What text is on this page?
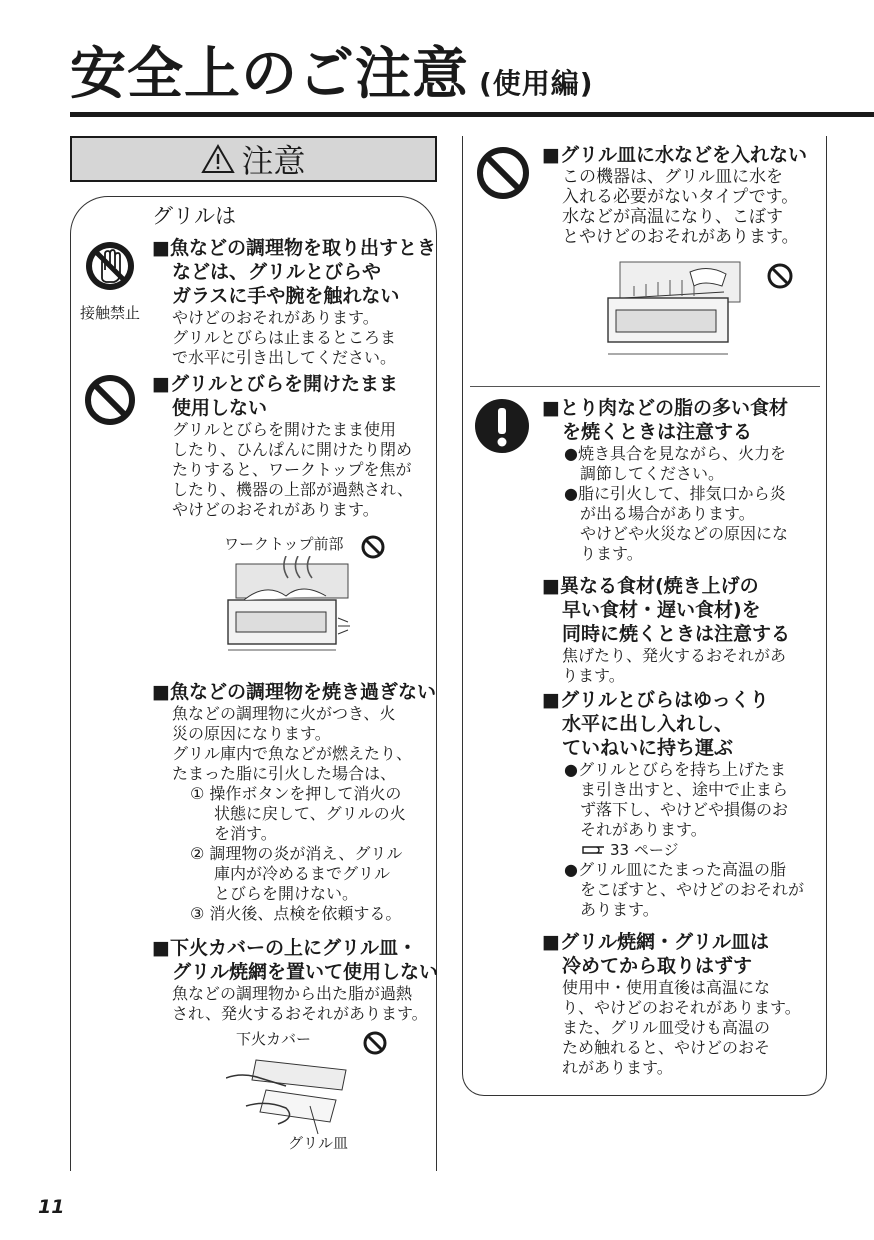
安全上のご注意 (使用編)
注意
グリルは
接触禁止
■魚などの調理物を取り出すとき
などは、グリルとびらや
ガラスに手や腕を触れない
やけどのおそれがあります。
グリルとびらは止まるところま
で水平に引き出してください。
■グリルとびらを開けたまま
使用しない
グリルとびらを開けたまま使用
したり、ひんぱんに開けたり閉め
たりすると、ワークトップを焦が
したり、機器の上部が過熱され、
やけどのおそれがあります。
ワークトップ前部
■魚などの調理物を焼き過ぎない
魚などの調理物に火がつき、火
災の原因になります。
グリル庫内で魚などが燃えたり、
たまった脂に引火した場合は、
① 操作ボタンを押して消火の
状態に戻して、グリルの火
を消す。
② 調理物の炎が消え、グリル
庫内が冷めるまでグリル
とびらを開けない。
③ 消火後、点検を依頼する。
■下火カバーの上にグリル皿・
グリル焼網を置いて使用しない
魚などの調理物から出た脂が過熱
され、発火するおそれがあります。
下火カバー
グリル皿
■グリル皿に水などを入れない
この機器は、グリル皿に水を
入れる必要がないタイプです。
水などが高温になり、こぼす
とやけどのおそれがあります。
■とり肉などの脂の多い食材
を焼くときは注意する
●焼き具合を見ながら、火力を
調節してください。
●脂に引火して、排気口から炎
が出る場合があります。
やけどや火災などの原因にな
ります。
■異なる食材(焼き上げの
早い食材・遅い食材)を
同時に焼くときは注意する
焦げたり、発火するおそれがあ
ります。
■グリルとびらはゆっくり
水平に出し入れし、
ていねいに持ち運ぶ
●グリルとびらを持ち上げたま
ま引き出すと、途中で止まら
ず落下し、やけどや損傷のお
それがあります。
33 ページ
●グリル皿にたまった高温の脂
をこぼすと、やけどのおそれが
あります。
■グリル焼網・グリル皿は
冷めてから取りはずす
使用中・使用直後は高温にな
り、やけどのおそれがあります。
また、グリル皿受けも高温の
ため触れると、やけどのおそ
れがあります。
11
